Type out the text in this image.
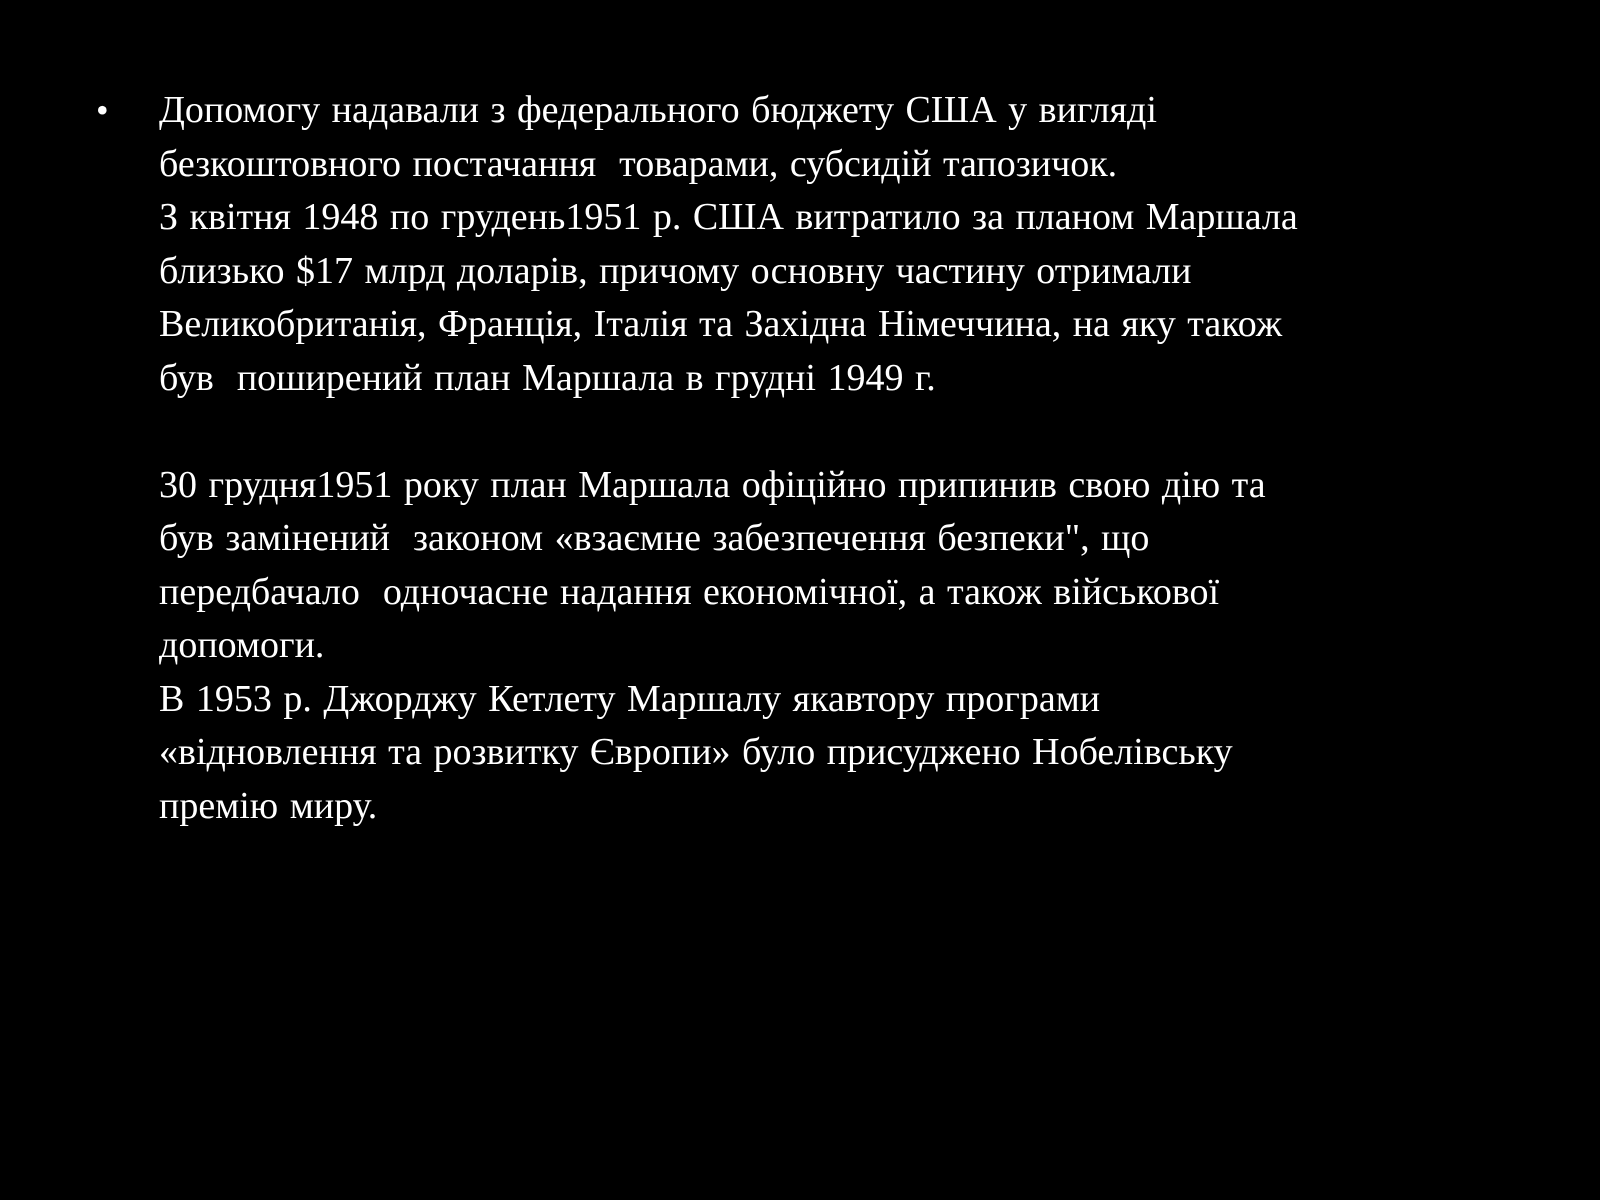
• Допомогу надавали з федерального бюджету США у вигляді
безкоштовного постачання  товарами, субсидій тапозичок.
З квітня 1948 по грудень1951 р. США витратило за планом Маршала
близько $17 млрд доларів, причому основну частину отримали
Великобританія, Франція, Італія та Західна Німеччина, на яку також
був  поширений план Маршала в грудні 1949 г.
30 грудня1951 року план Маршала офіційно припинив свою дію та
був замінений  законом «взаємне забезпечення безпеки", що
передбачало  одночасне надання економічної, а також військової
допомоги.
В 1953 р. Джорджу Кетлету Маршалу якавтору програми
«відновлення та розвитку Європи» було присуджено Нобелівську
премію миру.
